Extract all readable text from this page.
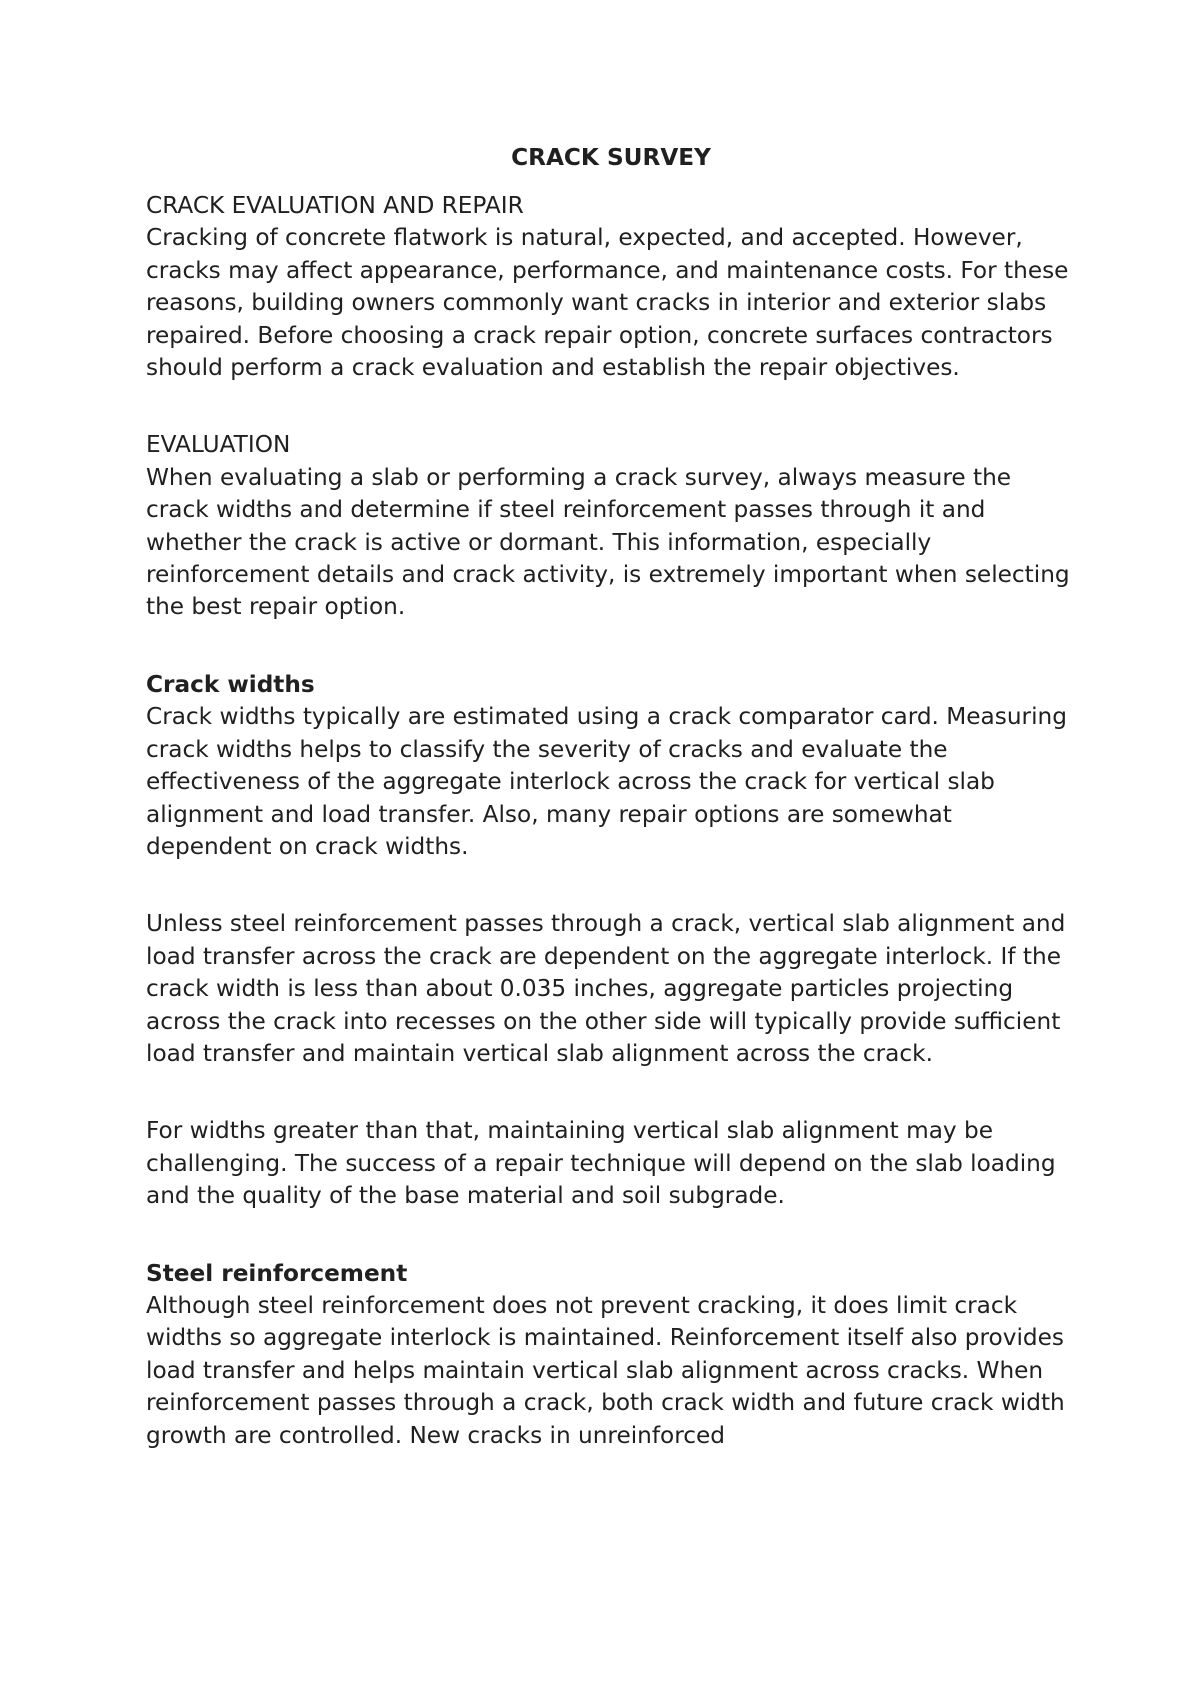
CRACK SURVEY
CRACK EVALUATION AND REPAIR

Cracking of concrete flatwork is natural, expected, and accepted. However, cracks may affect appearance, performance, and maintenance costs. For these reasons, building owners commonly want cracks in interior and exterior slabs repaired. Before choosing a crack repair option, concrete surfaces contractors should perform a crack evaluation and establish the repair objectives.

EVALUATION

When evaluating a slab or performing a crack survey, always measure the crack widths and determine if steel reinforcement passes through it and whether the crack is active or dormant. This information, especially reinforcement details and crack activity, is extremely important when selecting the best repair option.

Crack widths

Crack widths typically are estimated using a crack comparator card. Measuring crack widths helps to classify the severity of cracks and evaluate the effectiveness of the aggregate interlock across the crack for vertical slab alignment and load transfer. Also, many repair options are somewhat dependent on crack widths.

Unless steel reinforcement passes through a crack, vertical slab alignment and load transfer across the crack are dependent on the aggregate interlock. If the crack width is less than about 0.035 inches, aggregate particles projecting across the crack into recesses on the other side will typically provide sufficient load transfer and maintain vertical slab alignment across the crack.

For widths greater than that, maintaining vertical slab alignment may be challenging. The success of a repair technique will depend on the slab loading and the quality of the base material and soil subgrade.

Steel reinforcement

Although steel reinforcement does not prevent cracking, it does limit crack widths so aggregate interlock is maintained. Reinforcement itself also provides load transfer and helps maintain vertical slab alignment across cracks. When reinforcement passes through a crack, both crack width and future crack width growth are controlled. New cracks in unreinforced
